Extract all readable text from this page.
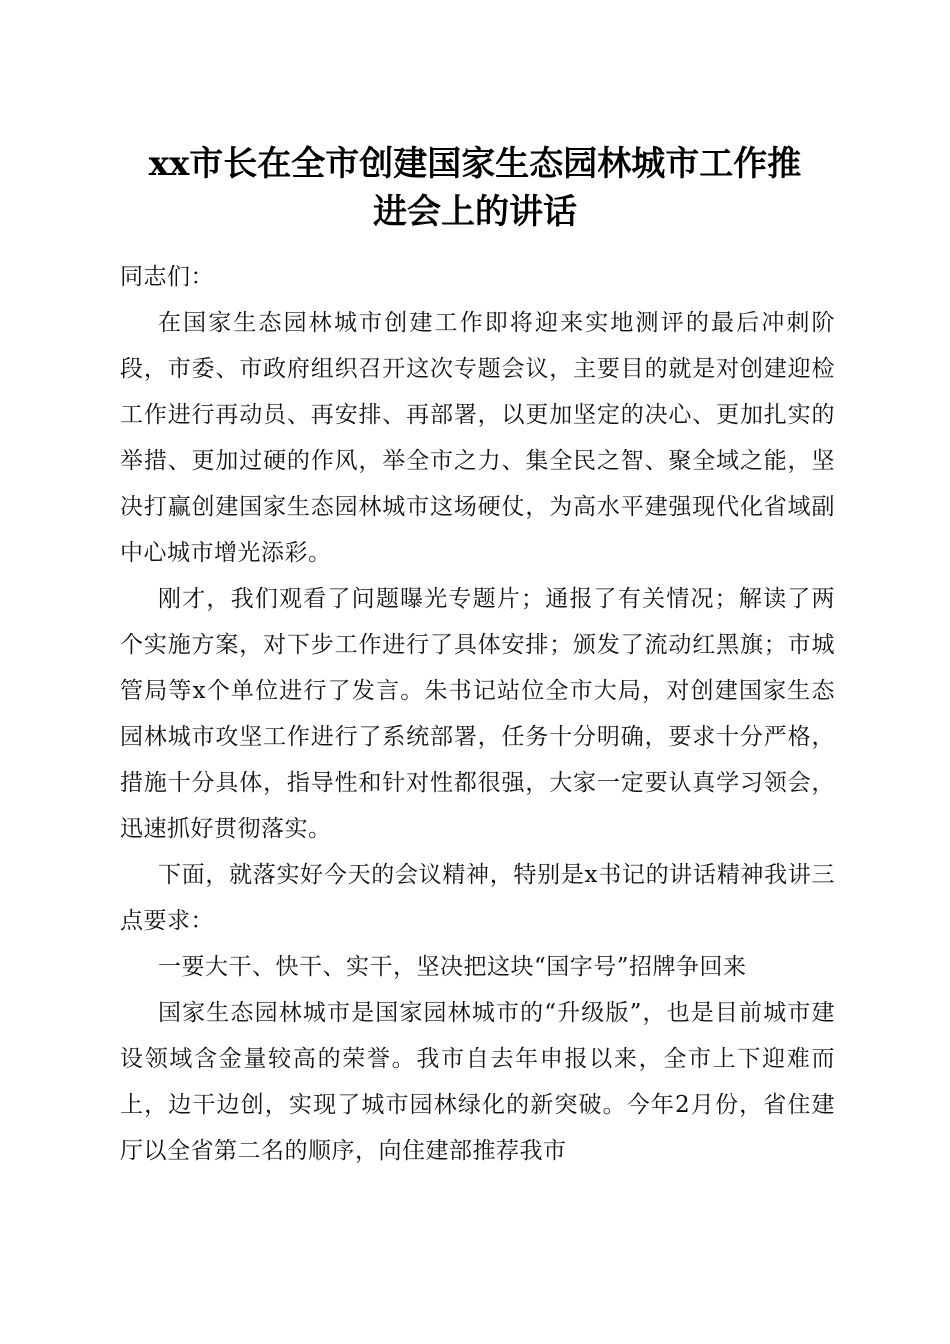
xx市长在全市创建国家生态园林城市工作推
进会上的讲话

同志们：

在国家生态园林城市创建工作即将迎来实地测评的最后冲刺阶段，市委、市政府组织召开这次专题会议，主要目的就是对创建迎检工作进行再动员、再安排、再部署，以更加坚定的决心、更加扎实的举措、更加过硬的作风，举全市之力、集全民之智、聚全域之能，坚决打赢创建国家生态园林城市这场硬仗，为高水平建强现代化省域副中心城市增光添彩。

刚才，我们观看了问题曝光专题片；通报了有关情况；解读了两个实施方案，对下步工作进行了具体安排；颁发了流动红黑旗；市城管局等x个单位进行了发言。朱书记站位全市大局，对创建国家生态园林城市攻坚工作进行了系统部署，任务十分明确，要求十分严格，措施十分具体，指导性和针对性都很强，大家一定要认真学习领会，迅速抓好贯彻落实。

下面，就落实好今天的会议精神，特别是x书记的讲话精神我讲三点要求：

一要大干、快干、实干，坚决把这块“国字号”招牌争回来

国家生态园林城市是国家园林城市的“升级版”，也是目前城市建设领域含金量较高的荣誉。我市自去年申报以来，全市上下迎难而上，边干边创，实现了城市园林绿化的新突破。今年2月份，省住建厅以全省第二名的顺序，向住建部推荐我市
